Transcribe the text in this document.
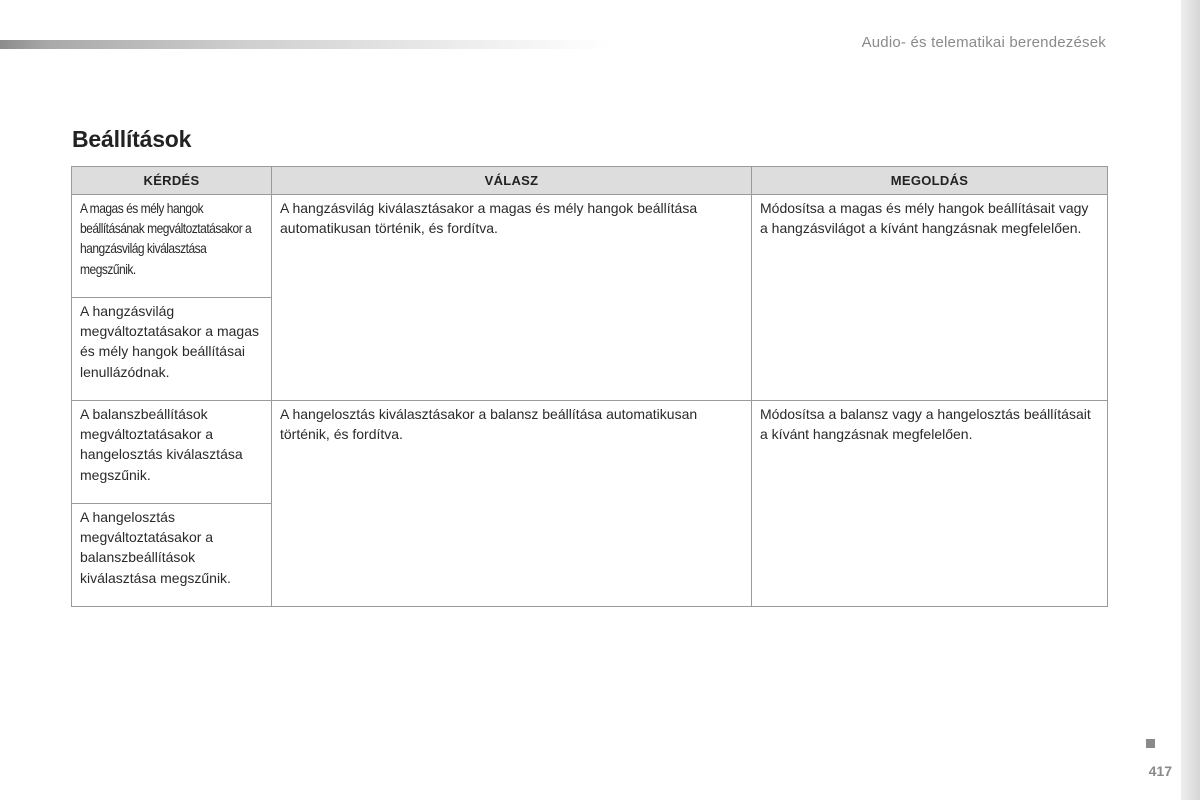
Audio- és telematikai berendezések
Beállítások
KÉRDÉS	VÁLASZ	MEGOLDÁS
A magas és mély hangok beállításának megváltoztatásakor a hangzásvilág kiválasztása megszűnik.	A hangzásvilág kiválasztásakor a magas és mély hangok beállítása automatikusan történik, és fordítva.	Módosítsa a magas és mély hangok beállításait vagy a hangzásvilágot a kívánt hangzásnak megfelelően.
A hangzásvilág megváltoztatásakor a magas és mély hangok beállításai lenullázódnak.		
A balanszbeállítások megváltoztatásakor a hangelosztás kiválasztása megszűnik.	A hangelosztás kiválasztásakor a balansz beállítása automatikusan történik, és fordítva.	Módosítsa a balansz vagy a hangelosztás beállításait a kívánt hangzásnak megfelelően.
A hangelosztás megváltoztatásakor a balanszbeállítások kiválasztása megszűnik.		
417
